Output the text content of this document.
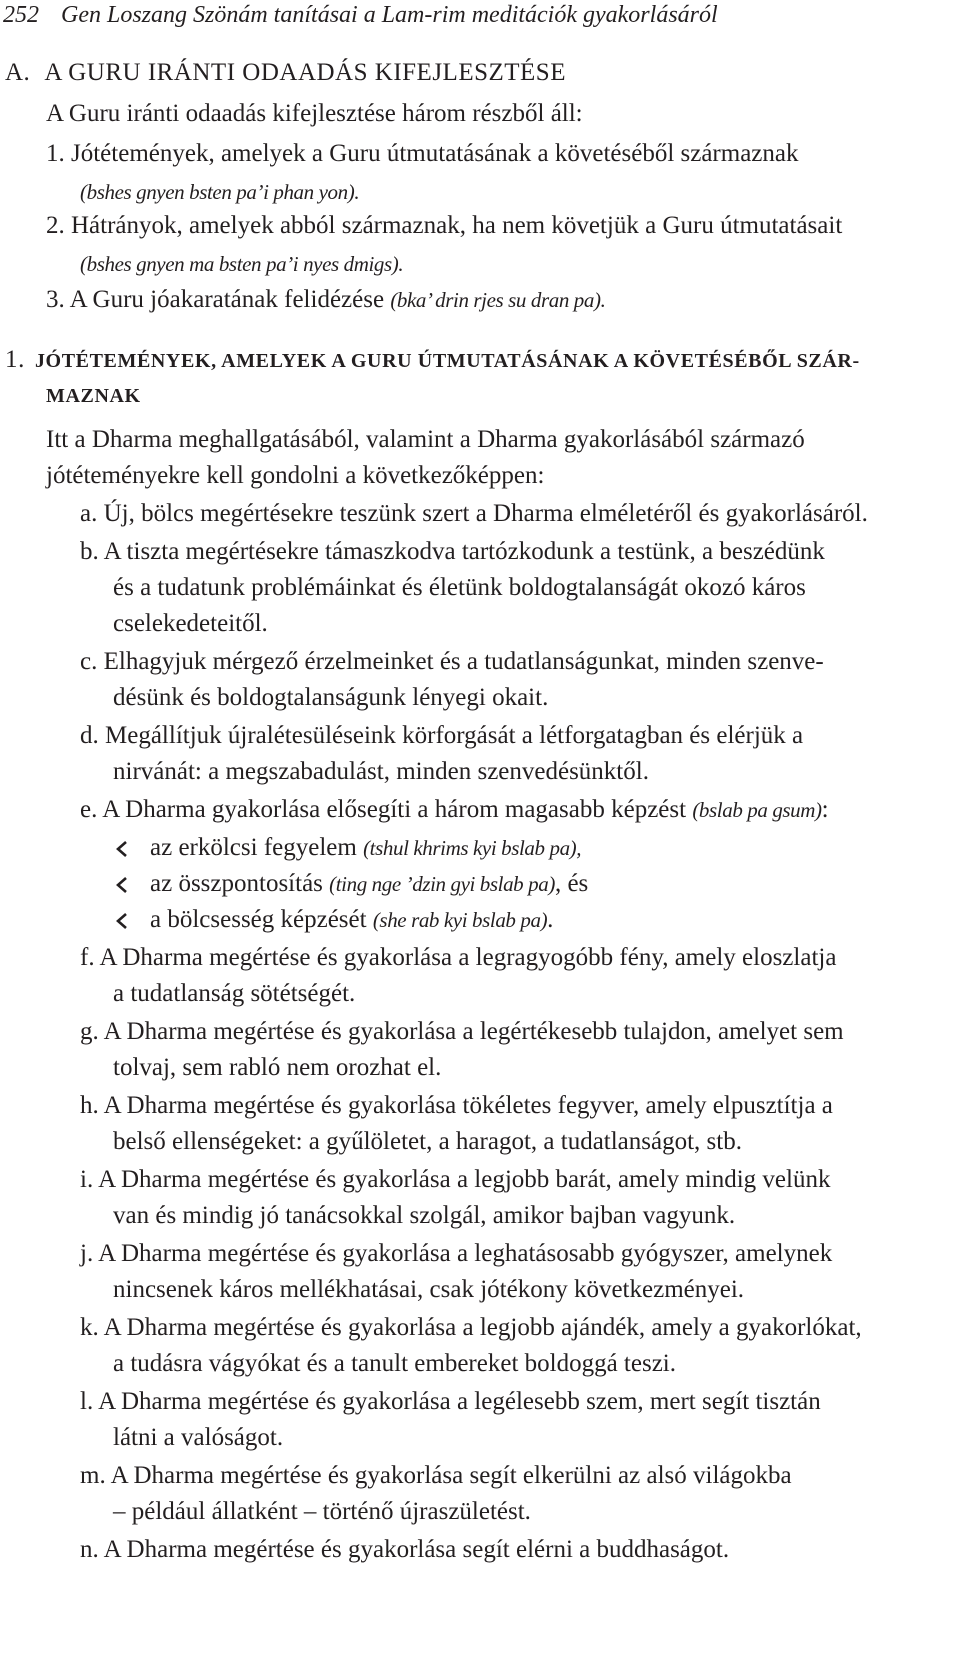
252 Gen Loszang Szönám tanításai a Lam-rim meditációk gyakorlásáról
A. A GURU IRÁNTI ODAADÁS KIFEJLESZTÉSE
A Guru iránti odaadás kifejlesztése három részből áll:
1. Jótétemények, amelyek a Guru útmutatásának a követéséből származnak
(bshes gnyen bsten pa’i phan yon).
2. Hátrányok, amelyek abból származnak, ha nem követjük a Guru útmutatásait
(bshes gnyen ma bsten pa’i nyes dmigs).
3. A Guru jóakaratának felidézése (bka’ drin rjes su dran pa).
1. JÓTÉTEMÉNYEK, AMELYEK A GURU ÚTMUTATÁSÁNAK A KÖVETÉSÉBŐL SZÁR-
MAZNAK
Itt a Dharma meghallgatásából, valamint a Dharma gyakorlásából származó
jótéteményekre kell gondolni a következőképpen:
a. Új, bölcs megértésekre teszünk szert a Dharma elméletéről és gyakorlásáról.
b. A tiszta megértésekre támaszkodva tartózkodunk a testünk, a beszédünk
és a tudatunk problémáinkat és életünk boldogtalanságát okozó káros
cselekedeteitől.
c. Elhagyjuk mérgező érzelmeinket és a tudatlanságunkat, minden szenve-
désünk és boldogtalanságunk lényegi okait.
d. Megállítjuk újralétesüléseink körforgását a létforgatagban és elérjük a
nirvánát: a megszabadulást, minden szenvedésünktől.
e. A Dharma gyakorlása elősegíti a három magasabb képzést (bslab pa gsum):
az erkölcsi fegyelem (tshul khrims kyi bslab pa),
az összpontosítás (ting nge ’dzin gyi bslab pa), és
a bölcsesség képzését (she rab kyi bslab pa).
f. A Dharma megértése és gyakorlása a legragyogóbb fény, amely eloszlatja
a tudatlanság sötétségét.
g. A Dharma megértése és gyakorlása a legértékesebb tulajdon, amelyet sem
tolvaj, sem rabló nem orozhat el.
h. A Dharma megértése és gyakorlása tökéletes fegyver, amely elpusztítja a
belső ellenségeket: a gyűlöletet, a haragot, a tudatlanságot, stb.
i. A Dharma megértése és gyakorlása a legjobb barát, amely mindig velünk
van és mindig jó tanácsokkal szolgál, amikor bajban vagyunk.
j. A Dharma megértése és gyakorlása a leghatásosabb gyógyszer, amelynek
nincsenek káros mellékhatásai, csak jótékony következményei.
k. A Dharma megértése és gyakorlása a legjobb ajándék, amely a gyakorlókat,
a tudásra vágyókat és a tanult embereket boldoggá teszi.
l. A Dharma megértése és gyakorlása a legélesebb szem, mert segít tisztán
látni a valóságot.
m. A Dharma megértése és gyakorlása segít elkerülni az alsó világokba
– például állatként – történő újraszületést.
n. A Dharma megértése és gyakorlása segít elérni a buddhaságot.
